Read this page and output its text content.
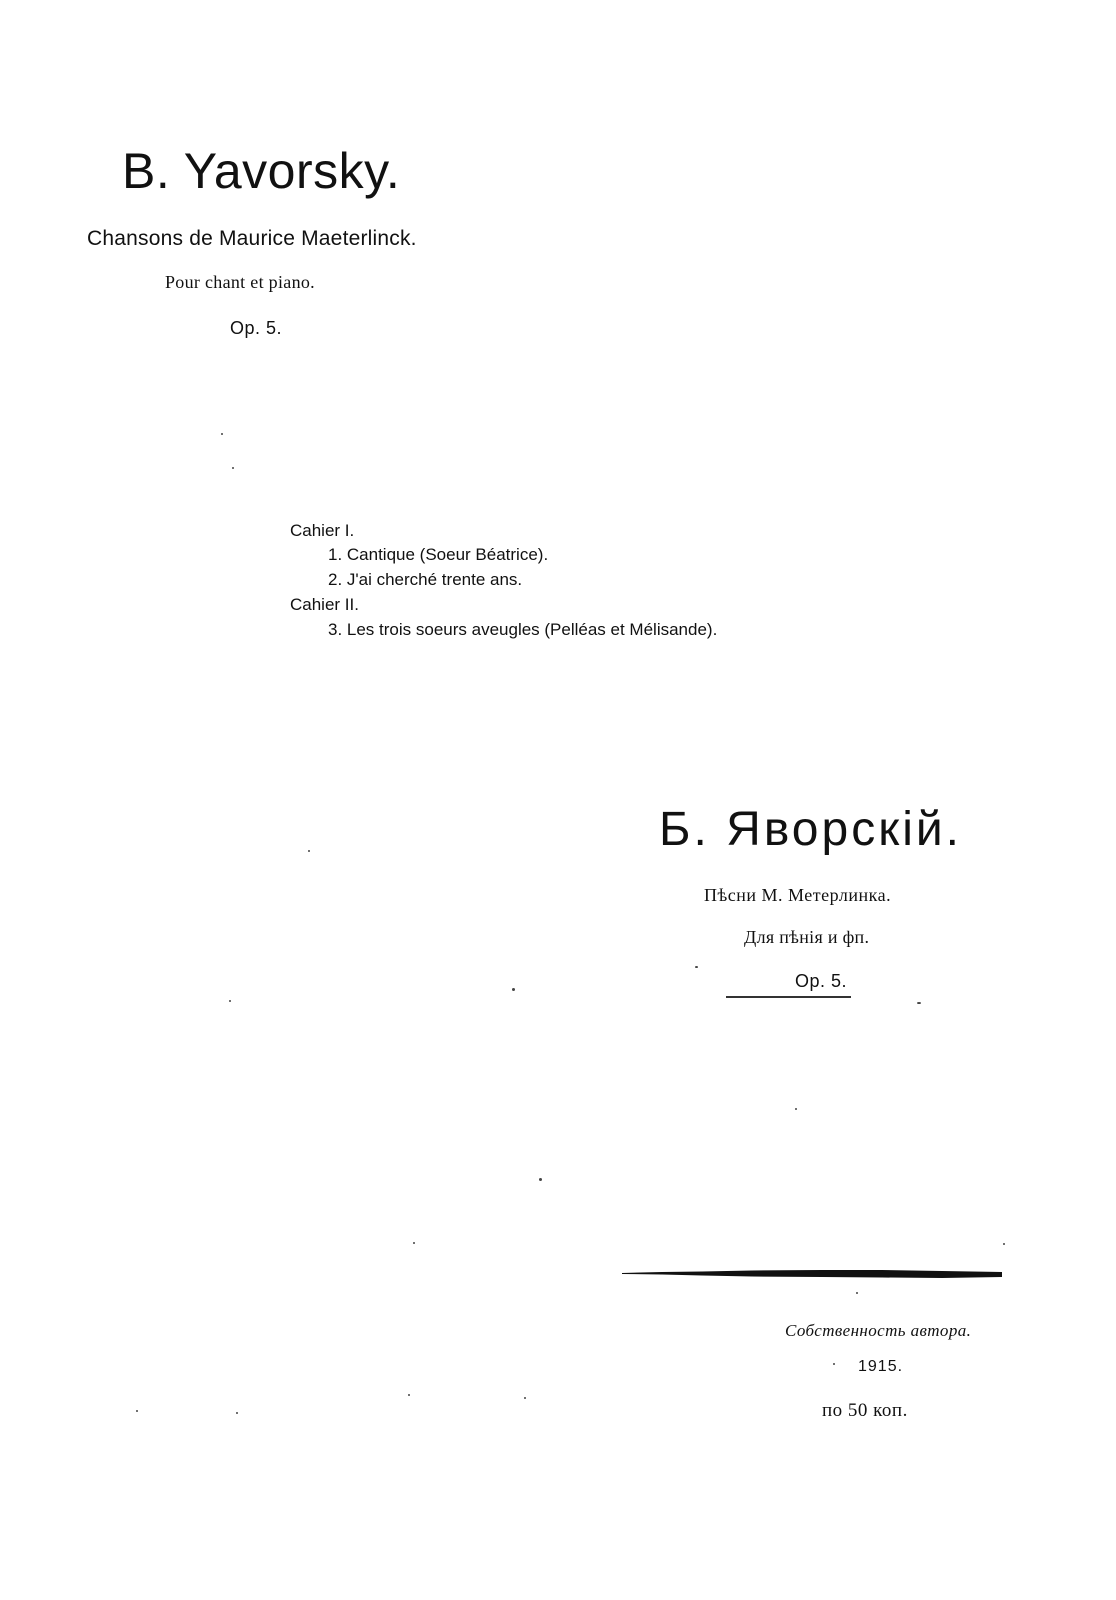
B. Yavorsky.
Chansons de Maurice Maeterlinck.
Pour chant et piano.
Op. 5.
Cahier I.
1. Cantique (Soeur Béatrice).
2. J'ai cherché trente ans.
Cahier II.
3. Les trois soeurs aveugles (Pelléas et Mélisande).
Б. Яворскій.
Пѣсни М. Метерлинка.
Для пѣнія и фп.
Op. 5.
Собственность автора.
1915.
по 50 коп.
